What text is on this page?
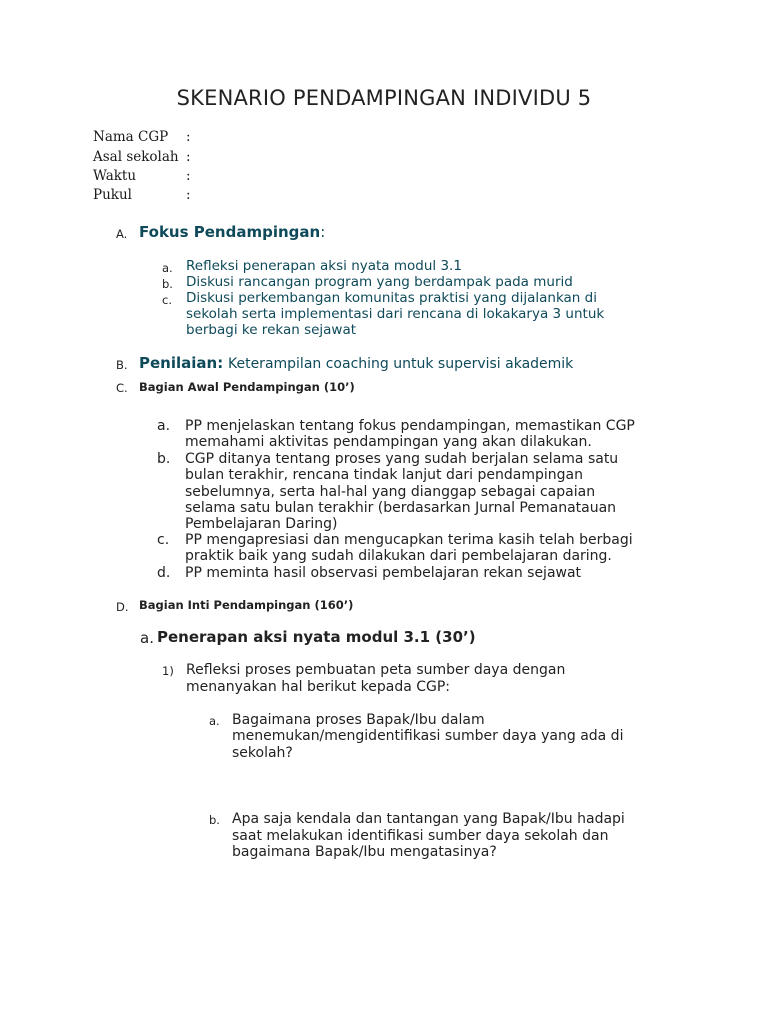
SKENARIO PENDAMPINGAN INDIVIDU 5
Nama CGP :
Asal sekolah :
Waktu	:
Pukul	:
A. Fokus Pendampingan:
a. Refleksi penerapan aksi nyata modul 3.1
b. Diskusi rancangan program yang berdampak pada murid
c. Diskusi perkembangan komunitas praktisi yang dijalankan di
sekolah serta implementasi dari rencana di lokakarya 3 untuk
berbagi ke rekan sejawat
B. Penilaian: Keterampilan coaching untuk supervisi akademik
C. Bagian Awal Pendampingan (10’)
a. PP menjelaskan tentang fokus pendampingan, memastikan CGP
memahami aktivitas pendampingan yang akan dilakukan.
b. CGP ditanya tentang proses yang sudah berjalan selama satu
bulan terakhir, rencana tindak lanjut dari pendampingan
sebelumnya, serta hal-hal yang dianggap sebagai capaian
selama satu bulan terakhir (berdasarkan Jurnal Pemanatauan
Pembelajaran Daring)
c. PP mengapresiasi dan mengucapkan terima kasih telah berbagi
praktik baik yang sudah dilakukan dari pembelajaran daring.
d. PP meminta hasil observasi pembelajaran rekan sejawat
D. Bagian Inti Pendampingan (160’)
a. Penerapan aksi nyata modul 3.1 (30’)
1) Refleksi proses pembuatan peta sumber daya dengan
menanyakan hal berikut kepada CGP:
a. Bagaimana proses Bapak/Ibu dalam
menemukan/mengidentifikasi sumber daya yang ada di
sekolah?
b. Apa saja kendala dan tantangan yang Bapak/Ibu hadapi
saat melakukan identifikasi sumber daya sekolah dan
bagaimana Bapak/Ibu mengatasinya?
